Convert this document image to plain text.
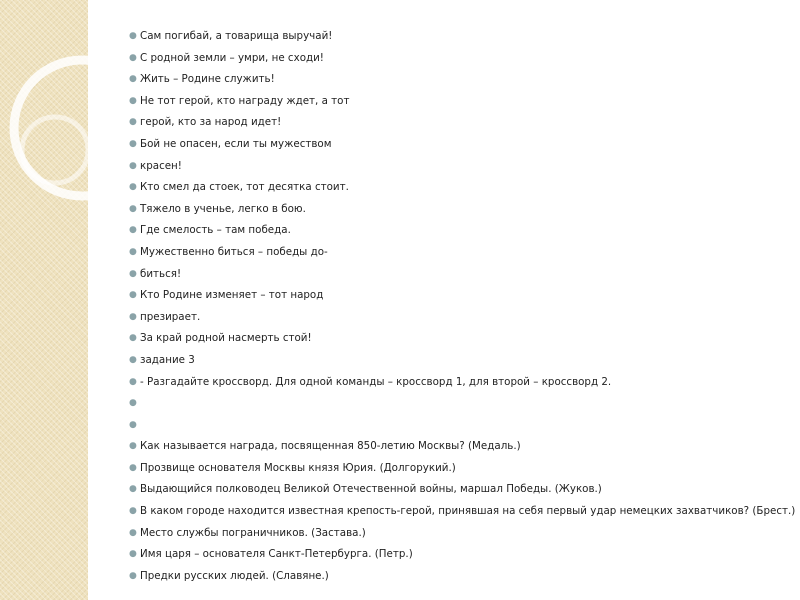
● Сам погибай, а товарища выручай!
● С родной земли – умри, не сходи!
● Жить – Родине служить!
● Не тот герой, кто награду ждет, а тот
● герой, кто за народ идет!
● Бой не опасен, если ты мужеством
● красен!
● Кто смел да стоек, тот десятка стоит.
● Тяжело в ученье, легко в бою.
● Где смелость – там победа.
● Мужественно биться – победы до-
● биться!
● Кто Родине изменяет – тот народ
● презирает.
● За край родной насмерть стой!
● задание 3
● - Разгадайте кроссворд. Для одной команды – кроссворд 1, для второй – кроссворд 2.
●
●
● Как называется награда, посвященная 850-летию Москвы? (Медаль.)
● Прозвище основателя Москвы князя Юрия. (Долгорукий.)
● Выдающийся полководец Великой Отечественной войны, маршал Победы. (Жуков.)
● В каком городе находится известная крепость-герой, принявшая на себя первый удар немецких захватчиков? (Брест.)
● Место службы пограничников. (Застава.)
● Имя царя – основателя Санкт-Петербурга. (Петр.)
● Предки русских людей. (Славяне.)
